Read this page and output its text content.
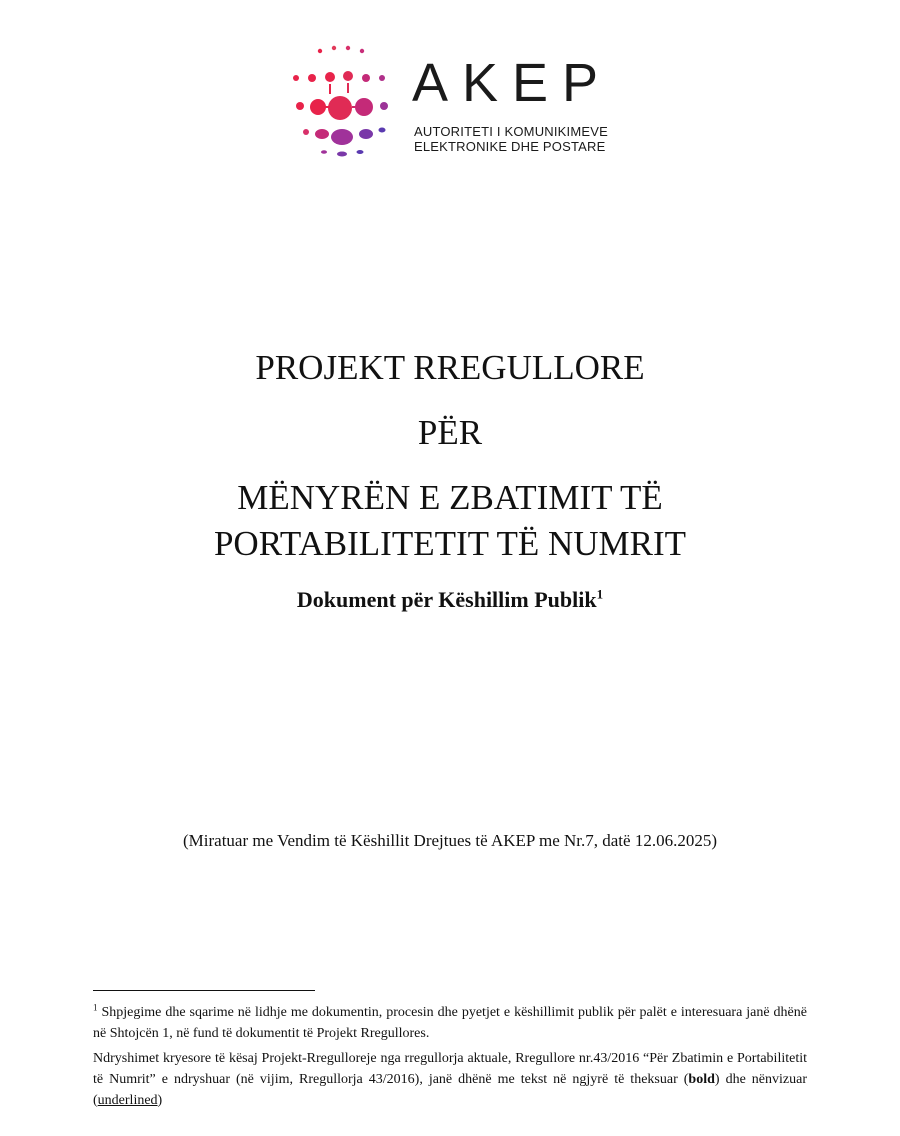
AKEP
AUTORITETI I KOMUNIKIMEVE
ELEKTRONIKE DHE POSTARE
PROJEKT RREGULLORE
PËR
MËNYRËN E ZBATIMIT TË
PORTABILITETIT TË NUMRIT
Dokument për Këshillim Publik$^1$
(Miratuar me Vendim të Këshillit Drejtues të AKEP me Nr.7, datë 12.06.2025)
$^1$ Shpjegime dhe sqarime në lidhje me dokumentin, procesin dhe pyetjet e këshillimit publik për palët e interesuara janë dhënë në Shtojcën 1, në fund të dokumentit të Projekt Rregullores.
Ndryshimet kryesore të kësaj Projekt-Rregulloreje nga rregullorja aktuale, Rregullore nr.43/2016 “Për Zbatimin e Portabilitetit të Numrit” e ndryshuar (në vijim, Rregullorja 43/2016), janë dhënë me tekst në ngjyrë të theksuar (bold) dhe nënvizuar (underlined)
